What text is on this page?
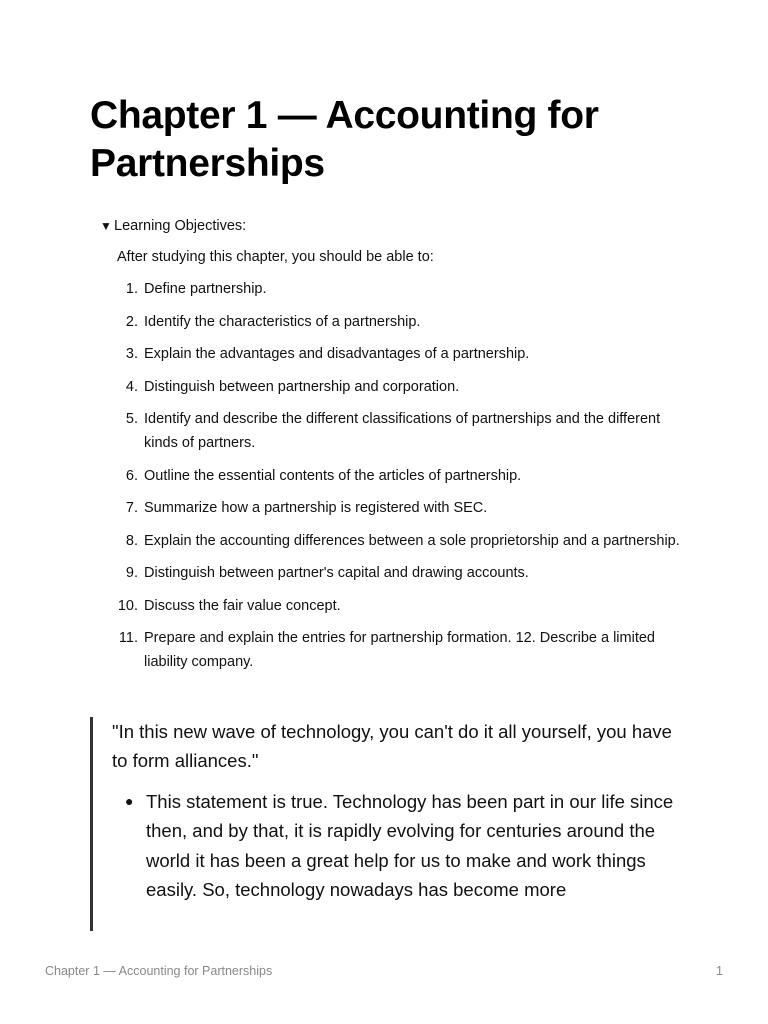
Chapter 1 — Accounting for Partnerships
▼ Learning Objectives:
After studying this chapter, you should be able to:
1. Define partnership.
2. Identify the characteristics of a partnership.
3. Explain the advantages and disadvantages of a partnership.
4. Distinguish between partnership and corporation.
5. Identify and describe the different classifications of partnerships and the different kinds of partners.
6. Outline the essential contents of the articles of partnership.
7. Summarize how a partnership is registered with SEC.
8. Explain the accounting differences between a sole proprietorship and a partnership.
9. Distinguish between partner's capital and drawing accounts.
10. Discuss the fair value concept.
11. Prepare and explain the entries for partnership formation. 12. Describe a limited liability company.

"In this new wave of technology, you can't do it all yourself, you have to form alliances."

● This statement is true. Technology has been part in our life since then, and by that, it is rapidly evolving for centuries around the world it has been a great help for us to make and work things easily. So, technology nowadays has become more
Chapter 1 — Accounting for Partnerships	1
